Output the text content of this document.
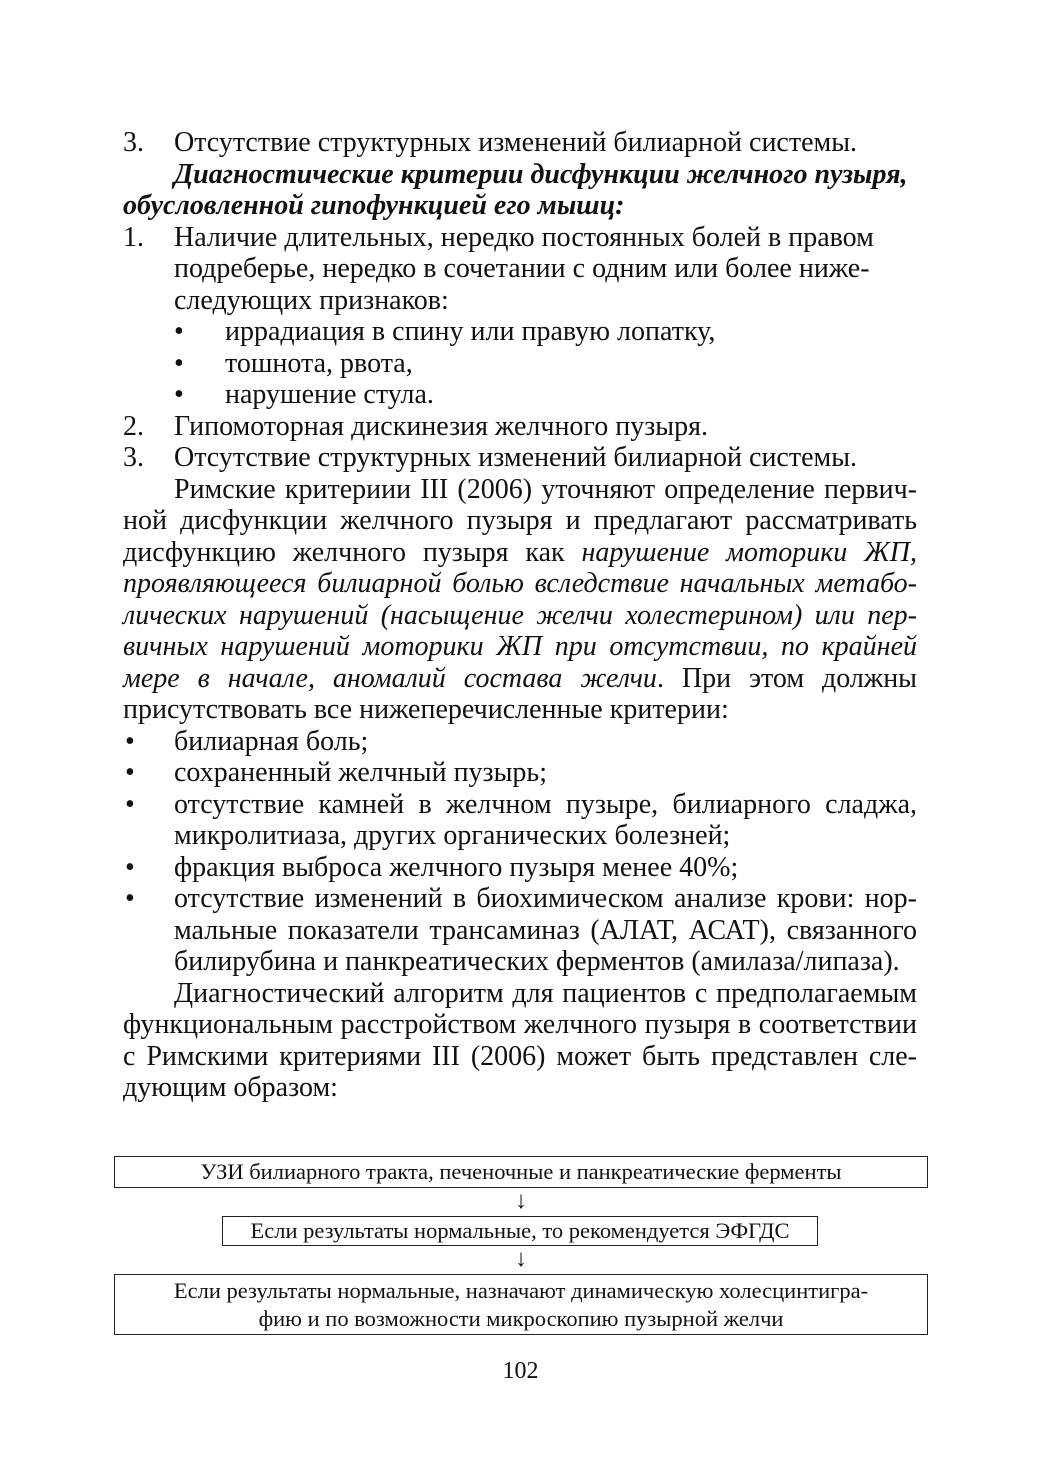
3. Отсутствие структурных изменений билиарной системы.
Диагностические критерии дисфункции желчного пузыря,
обусловленной гипофункцией его мышц:
1. Наличие длительных, нередко постоянных болей в правом подреберье, нередко в сочетании с одним или более ниже-следующих признаков:
• иррадиация в спину или правую лопатку,
• тошнота, рвота,
• нарушение стула.
2. Гипомоторная дискинезия желчного пузыря.
3. Отсутствие структурных изменений билиарной системы.
Римские критериии III (2006) уточняют определение первич-ной дисфункции желчного пузыря и предлагают рассматривать дисфункцию желчного пузыря как нарушение моторики ЖП, проявляющееся билиарной болью вследствие начальных метабо-лических нарушений (насыщение желчи холестерином) или пер-вичных нарушений моторики ЖП при отсутствии, по крайней мере в начале, аномалий состава желчи. При этом должны присутствовать все нижеперечисленные критерии:
• билиарная боль;
• сохраненный желчный пузырь;
• отсутствие камней в желчном пузыре, билиарного сладжа, микролитиаза, других органических болезней;
• фракция выброса желчного пузыря менее 40%;
• отсутствие изменений в биохимическом анализе крови: нор-мальные показатели трансаминаз (АЛАТ, АСАТ), связанного билирубина и панкреатических ферментов (амилаза/липаза).
Диагностический алгоритм для пациентов с предполагаемым функциональным расстройством желчного пузыря в соответствии с Римскими критериями III (2006) может быть представлен сле-дующим образом:
УЗИ билиарного тракта, печеночные и панкреатические ферменты
↓
Если результаты нормальные, то рекомендуется ЭФГДС
↓
Если результаты нормальные, назначают динамическую холесцинтигра-
фию и по возможности микроскопию пузырной желчи
102
